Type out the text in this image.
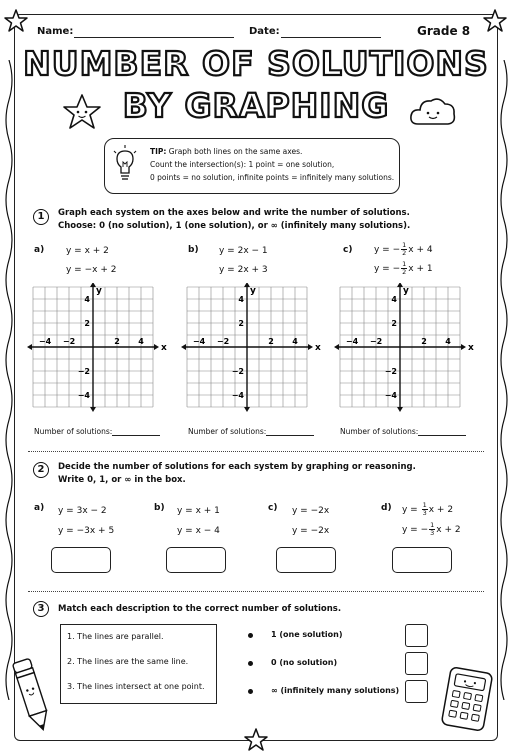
Name:	Date:	Grade 8
NUMBER OF SOLUTIONS
BY GRAPHING
TIP: Graph both lines on the same axes.
Count the intersection(s): 1 point = one solution,
0 points = no solution, infinite points = infinitely many solutions.
1	Graph each system on the axes below and write the number of solutions.
Choose: 0 (no solution), 1 (one solution), or ∞ (infinitely many solutions).
a) y = x + 2
y = −x + 2
b) y = 2x − 1
y = 2x + 3
c) y = − $\frac{1}{2}$ x + 4
y = − $\frac{1}{2}$ x + 1
x
y
−4 −2	2 4
4
2
−2
−4
x
y
−4 −2	2 4
4
2
−2
−4
x
y
−4 −2	2 4
4
2
−2
−4
Number of solutions:	Number of solutions:	Number of solutions:
2	Decide the number of solutions for each system by graphing or reasoning.
Write 0, 1, or ∞ in the box.
a) y = 3x − 2
y = −3x + 5
b) y = x + 1
y = x − 4
c) y = −2x
y = −2x
d) $y = \frac{1}{3}$ x + 2
y = − $\frac{1}{3}$ x + 2
3	Match each description to the correct number of solutions.
1. The lines are parallel.
2. The lines are the same line.
3. The lines intersect at one point.
1 (one solution)
0 (no solution)
∞ (infinitely many solutions)
